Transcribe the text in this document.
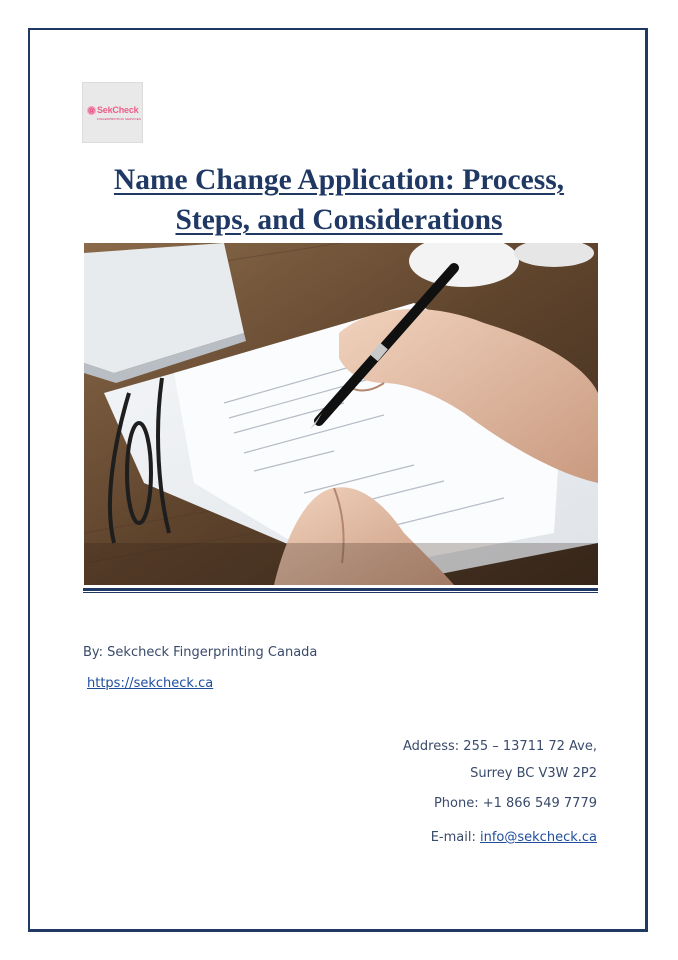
SekCheck
FINGERPRINTING SERVICES
Name Change Application: Process,
Steps, and Considerations
By: Sekcheck Fingerprinting Canada
https://sekcheck.ca
Address: 255 – 13711 72 Ave,
Surrey BC V3W 2P2
Phone: +1 866 549 7779
E-mail: info@sekcheck.ca
